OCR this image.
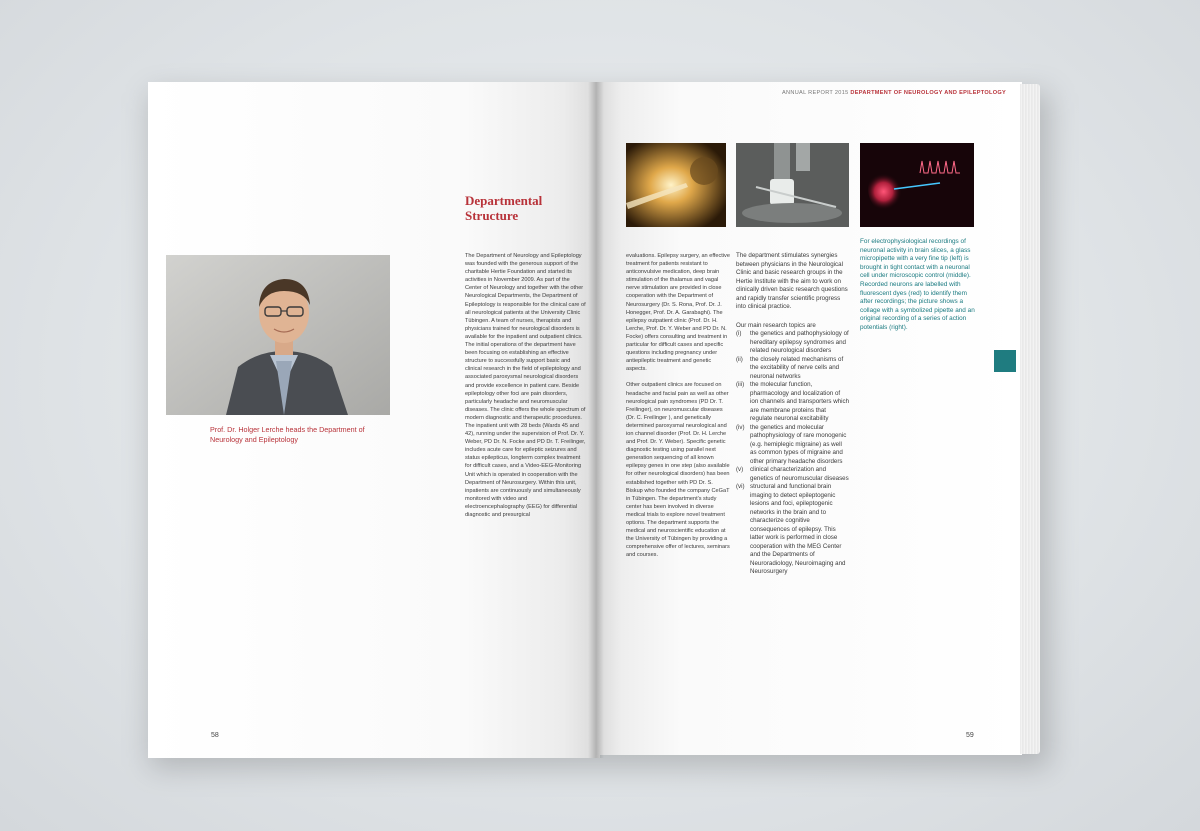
Prof. Dr. Holger Lerche heads the Department of Neurology and Epileptology
Departmental Structure

The Department of Neurology and Epileptology was founded with the generous support of the charitable Hertie Foundation and started its activities in November 2009. As part of the Center of Neurology and together with the other Neurological Departments, the Department of Epileptology is responsible for the clinical care of all neurological patients at the University Clinic Tübingen. A team of nurses, therapists and physicians trained for neurological disorders is available for the inpatient and outpatient clinics. The initial operations of the department have been focusing on establishing an effective structure to successfully support basic and clinical research in the field of epileptology and associated paroxysmal neurological disorders and provide excellence in patient care. Beside epileptology other foci are pain disorders, particularly headache and neuromuscular diseases. The clinic offers the whole spectrum of modern diagnostic and therapeutic procedures. The inpatient unit with 28 beds (Wards 45 and 42), running under the supervision of Prof. Dr. Y. Weber, PD Dr. N. Focke and PD Dr. T. Freilinger, includes acute care for epileptic seizures and status epilepticus, longterm complex treatment for difficult cases, and a Video-EEG-Monitoring Unit which is operated in cooperation with the Department of Neurosurgery. Within this unit, inpatients are continuously and simultaneously monitored with video and electroencephalography (EEG) for differential diagnostic and presurgical

58
ANNUAL REPORT 2015 DEPARTMENT OF NEUROLOGY AND EPILEPTOLOGY
For electrophysiological recordings of neuronal activity in brain slices, a glass micropipette with a very fine tip (left) is brought in tight contact with a neuronal cell under microscopic control (middle). Recorded neurons are labelled with fluorescent dyes (red) to identify them after recordings; the picture shows a collage with a symbolized pipette and an original recording of a series of action potentials (right).

evaluations. Epilepsy surgery, an effective treatment for patients resistant to anticonvulsive medication, deep brain stimulation of the thalamus and vagal nerve stimulation are provided in close cooperation with the Department of Neurosurgery (Dr. S. Rona, Prof. Dr. J. Honegger, Prof. Dr. A. Garabaghi). The epilepsy outpatient clinic (Prof. Dr. H. Lerche, Prof. Dr. Y. Weber and PD Dr. N. Focke) offers consulting and treatment in particular for difficult cases and specific questions including pregnancy under antiepileptic treatment and genetic aspects.

Other outpatient clinics are focused on headache and facial pain as well as other neurological pain syndromes (PD Dr. T. Freilinger), on neuromuscular diseases (Dr. C. Freilinger ), and genetically determined paroxysmal neurological and ion channel disorder (Prof. Dr. H. Lerche and Prof. Dr. Y. Weber). Specific genetic diagnostic testing using parallel next generation sequencing of all known epilepsy genes in one step (also available for other neurological disorders) has been established together with PD Dr. S. Biskup who founded the company CeGaT in Tübingen. The department's study center has been involved in diverse medical trials to explore novel treatment options. The department supports the medical and neuroscientific education at the University of Tübingen by providing a comprehensive offer of lectures, seminars and courses.

The department stimulates synergies between physicians in the Neurological Clinic and basic research groups in the Hertie Institute with the aim to work on clinically driven basic research questions and rapidly transfer scientific progress into clinical practice.

Our main research topics are
(i)	the genetics and pathophysiology of hereditary epilepsy syndromes and related neurological disorders
(ii)	the closely related mechanisms of the excitability of nerve cells and neuronal networks
(iii) the molecular function, pharmacology and localization of ion channels and transporters which are membrane proteins that regulate neuronal excitability
(iv) the genetics and molecular pathophysiology of rare monogenic (e.g. hemiplegic migraine) as well as common types of migraine and other primary headache disorders
(v)	clinical characterization and genetics of neuromuscular diseases
(vi) structural and functional brain imaging to detect epileptogenic lesions and foci, epileptogenic networks in the brain and to characterize cognitive consequences of epilepsy. This latter work is performed in close cooperation with the MEG Center and the Departments of Neuroradiology, Neuroimaging and Neurosurgery
59
